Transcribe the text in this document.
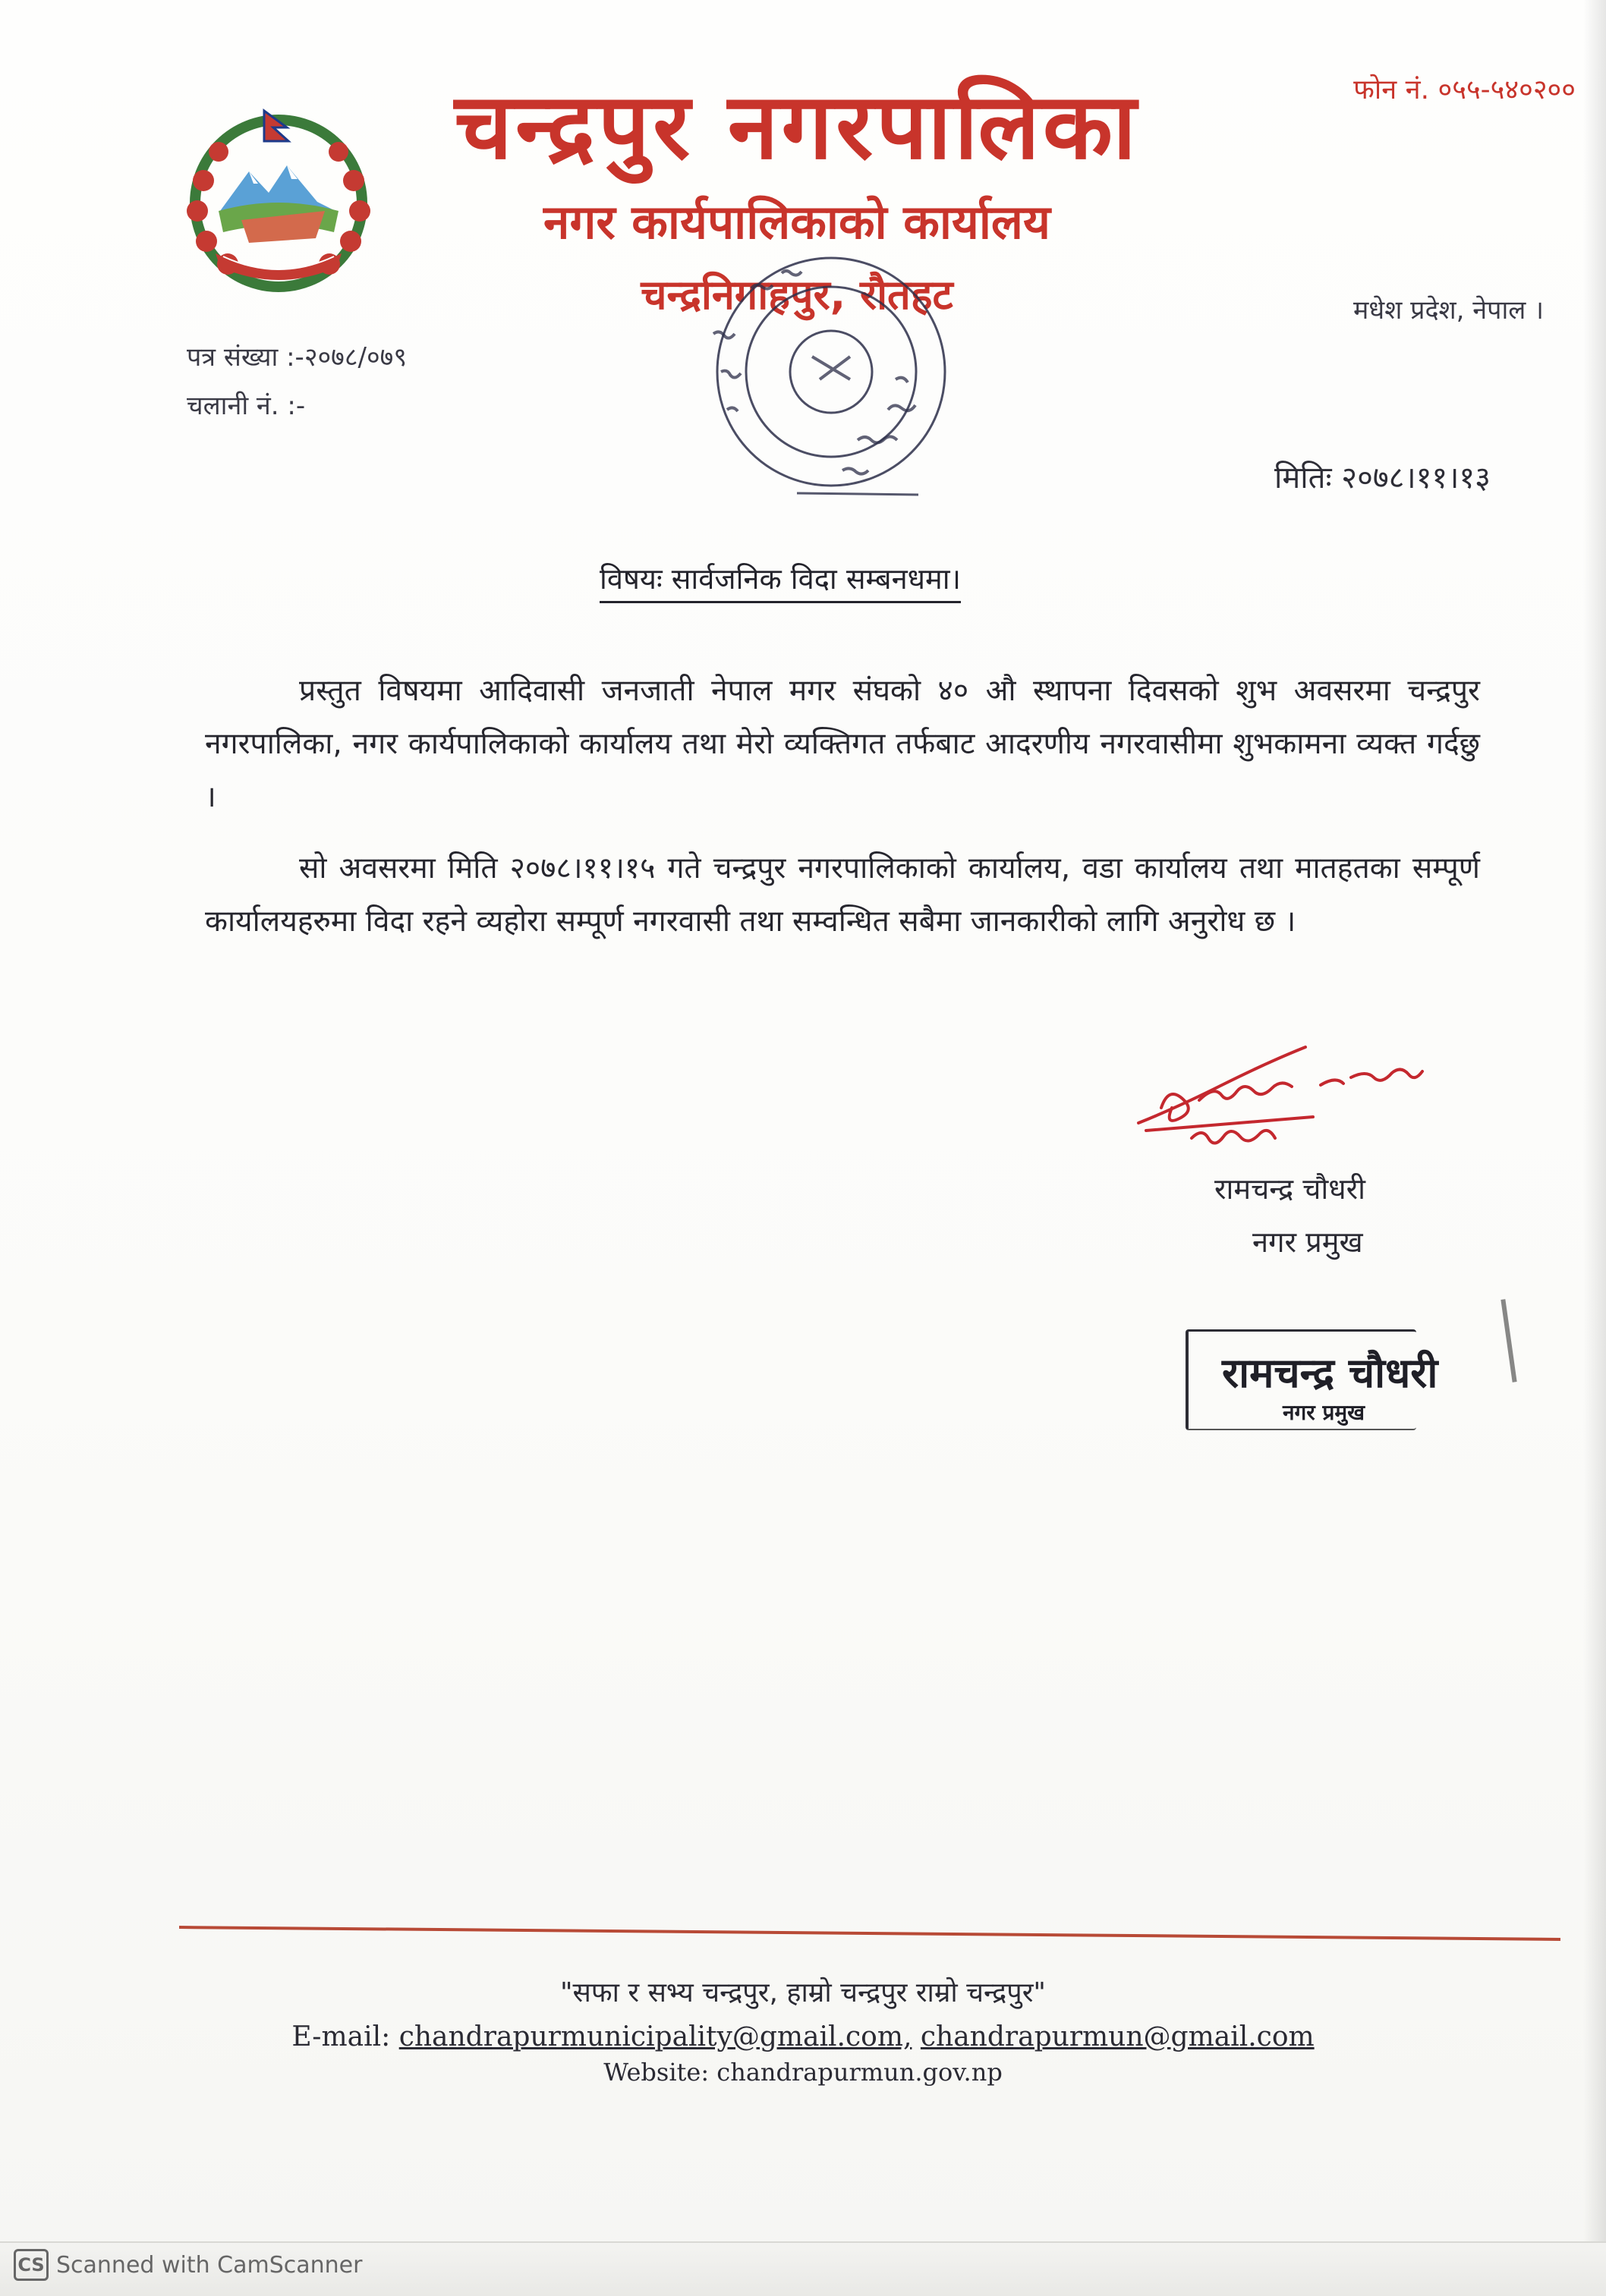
चन्द्रपुर नगरपालिका
नगर कार्यपालिकाको कार्यालय
चन्द्रनिगाहपुर, रौतहट
फोन नं. ०५५-५४०२००
मधेश प्रदेश, नेपाल ।
पत्र संख्या :-२०७८/०७९
चलानी नं. :-
मितिः २०७८।११।१३
विषयः सार्वजनिक विदा सम्बनधमा।
प्रस्तुत विषयमा आदिवासी जनजाती नेपाल मगर संघको ४० औ स्थापना दिवसको शुभ अवसरमा चन्द्रपुर नगरपालिका, नगर कार्यपालिकाको कार्यालय तथा मेरो व्यक्तिगत तर्फबाट आदरणीय नगरवासीमा शुभकामना व्यक्त गर्दछु ।
सो अवसरमा मिति २०७८।११।१५ गते चन्द्रपुर नगरपालिकाको कार्यालय, वडा कार्यालय तथा मातहतका सम्पूर्ण कार्यालयहरुमा विदा रहने व्यहोरा सम्पूर्ण नगरवासी तथा सम्वन्धित सबैमा जानकारीको लागि अनुरोध छ ।
रामचन्द्र चौधरी
नगर प्रमुख
रामचन्द्र चौधरी
नगर प्रमुख
"सफा र सभ्य चन्द्रपुर, हाम्रो चन्द्रपुर राम्रो चन्द्रपुर"
E-mail: chandrapurmunicipality@gmail.com, chandrapurmun@gmail.com
Website: chandrapurmun.gov.np
CS Scanned with CamScanner
